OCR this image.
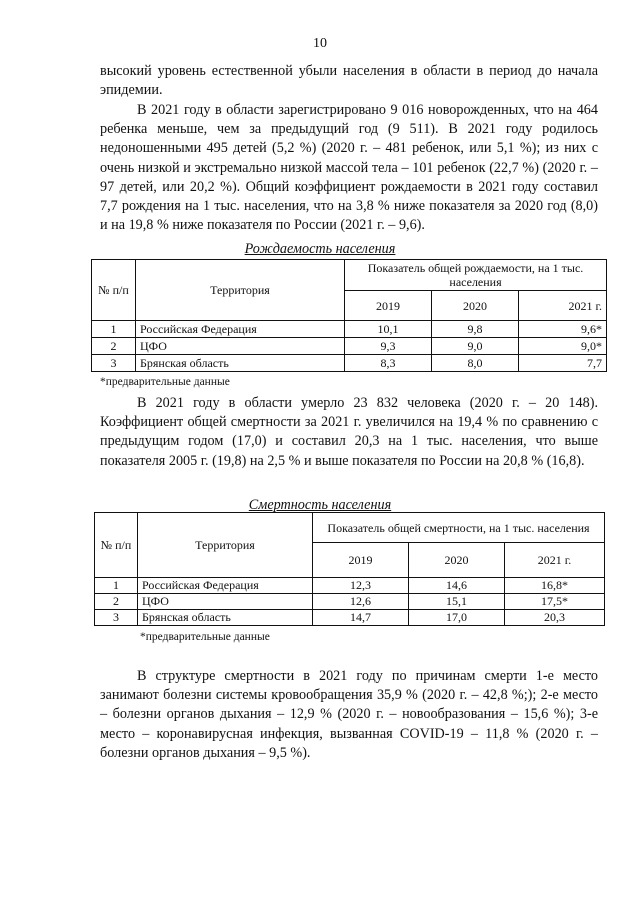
10

высокий уровень естественной убыли населения в области в период до начала эпидемии.

В 2021 году в области зарегистрировано 9 016 новорожденных, что на 464 ребенка меньше, чем за предыдущий год (9 511). В 2021 году родилось недоношенными 495 детей (5,2 %) (2020 г. – 481 ребенок, или 5,1 %); из них с очень низкой и экстремально низкой массой тела – 101 ребенок (22,7 %) (2020 г. – 97 детей, или 20,2 %). Общий коэффициент рождаемости в 2021 году составил 7,7 рождения на 1 тыс. населения, что на 3,8 % ниже показателя за 2020 год (8,0) и на 19,8 % ниже показателя по России (2021 г. – 9,6).

Рождаемость населения
№ п/п	Территория	Показатель общей рождаемости, на 1 тыс. населения		
		2019	2020	2021 г.
1	Российская Федерация	10,1	9,8	9,6*
2	ЦФО	9,3	9,0	9,0*
3	Брянская область	8,3	8,0	7,7
*предварительные данные

В 2021 году в области умерло 23 832 человека (2020 г. – 20 148). Коэффициент общей смертности за 2021 г. увеличился на 19,4 % по сравнению с предыдущим годом (17,0) и составил 20,3 на 1 тыс. населения, что выше показателя 2005 г. (19,8) на 2,5 % и выше показателя по России на 20,8 % (16,8).

Смертность населения
№ п/п	Территория	Показатель общей смертности, на 1 тыс. населения		
		2019	2020	2021 г.
1	Российская Федерация	12,3	14,6	16,8*
2	ЦФО	12,6	15,1	17,5*
3	Брянская область	14,7	17,0	20,3
*предварительные данные

В структуре смертности в 2021 году по причинам смерти 1-е место занимают болезни системы кровообращения 35,9 % (2020 г. – 42,8 %;); 2-е место – болезни органов дыхания – 12,9 % (2020 г. – новообразования – 15,6 %); 3-е место – коронавирусная инфекция, вызванная COVID-19 – 11,8 % (2020 г. – болезни органов дыхания – 9,5 %).
